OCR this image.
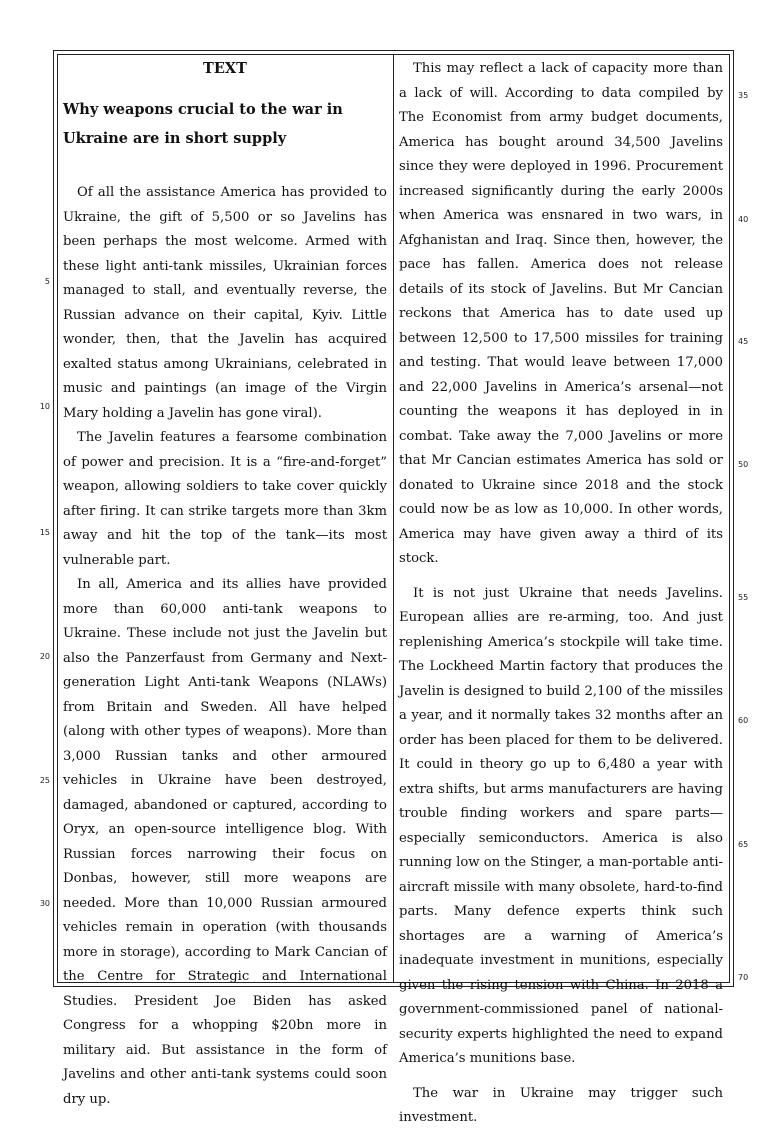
TEXT
Why weapons crucial to the war in Ukraine are in short supply

Of all the assistance America has provided to Ukraine, the gift of 5,500 or so Javelins has been perhaps the most welcome. Armed with these light anti-tank missiles, Ukrainian forces managed to stall, and eventually reverse, the Russian advance on their capital, Kyiv. Little wonder, then, that the Javelin has acquired exalted status among Ukrainians, celebrated in music and paintings (an image of the Virgin Mary holding a Javelin has gone viral).

The Javelin features a fearsome combination of power and precision. It is a “fire-and-forget” weapon, allowing soldiers to take cover quickly after firing. It can strike targets more than 3km away and hit the top of the tank—its most vulnerable part.

In all, America and its allies have provided more than 60,000 anti-tank weapons to Ukraine. These include not just the Javelin but also the Panzerfaust from Germany and Next-generation Light Anti-tank Weapons (NLAWs) from Britain and Sweden. All have helped (along with other types of weapons). More than 3,000 Russian tanks and other armoured vehicles in Ukraine have been destroyed, damaged, abandoned or captured, according to Oryx, an open-source intelligence blog. With Russian forces narrowing their focus on Donbas, however, still more weapons are needed. More than 10,000 Russian armoured vehicles remain in operation (with thousands more in storage), according to Mark Cancian of the Centre for Strategic and International Studies. President Joe Biden has asked Congress for a whopping $20bn more in military aid. But assistance in the form of Javelins and other anti-tank systems could soon dry up.

This may reflect a lack of capacity more than a lack of will. According to data compiled by The Economist from army budget documents, America has bought around 34,500 Javelins since they were deployed in 1996. Procurement increased significantly during the early 2000s when America was ensnared in two wars, in Afghanistan and Iraq. Since then, however, the pace has fallen. America does not release details of its stock of Javelins. But Mr Cancian reckons that America has to date used up between 12,500 to 17,500 missiles for training and testing. That would leave between 17,000 and 22,000 Javelins in America’s arsenal—not counting the weapons it has deployed in in combat. Take away the 7,000 Javelins or more that Mr Cancian estimates America has sold or donated to Ukraine since 2018 and the stock could now be as low as 10,000. In other words, America may have given away a third of its stock.

It is not just Ukraine that needs Javelins. European allies are re-arming, too. And just replenishing America’s stockpile will take time. The Lockheed Martin factory that produces the Javelin is designed to build 2,100 of the missiles a year, and it normally takes 32 months after an order has been placed for them to be delivered. It could in theory go up to 6,480 a year with extra shifts, but arms manufacturers are having trouble finding workers and spare parts—especially semiconductors. America is also running low on the Stinger, a man-portable anti-aircraft missile with many obsolete, hard-to-find parts. Many defence experts think such shortages are a warning of America’s inadequate investment in munitions, especially given the rising tension with China. In 2018 a government-commissioned panel of national-security experts highlighted the need to expand America’s munitions base.

The war in Ukraine may trigger such investment.

5
10
15
20
25
30
35
40
45
50
55
60
65
70
